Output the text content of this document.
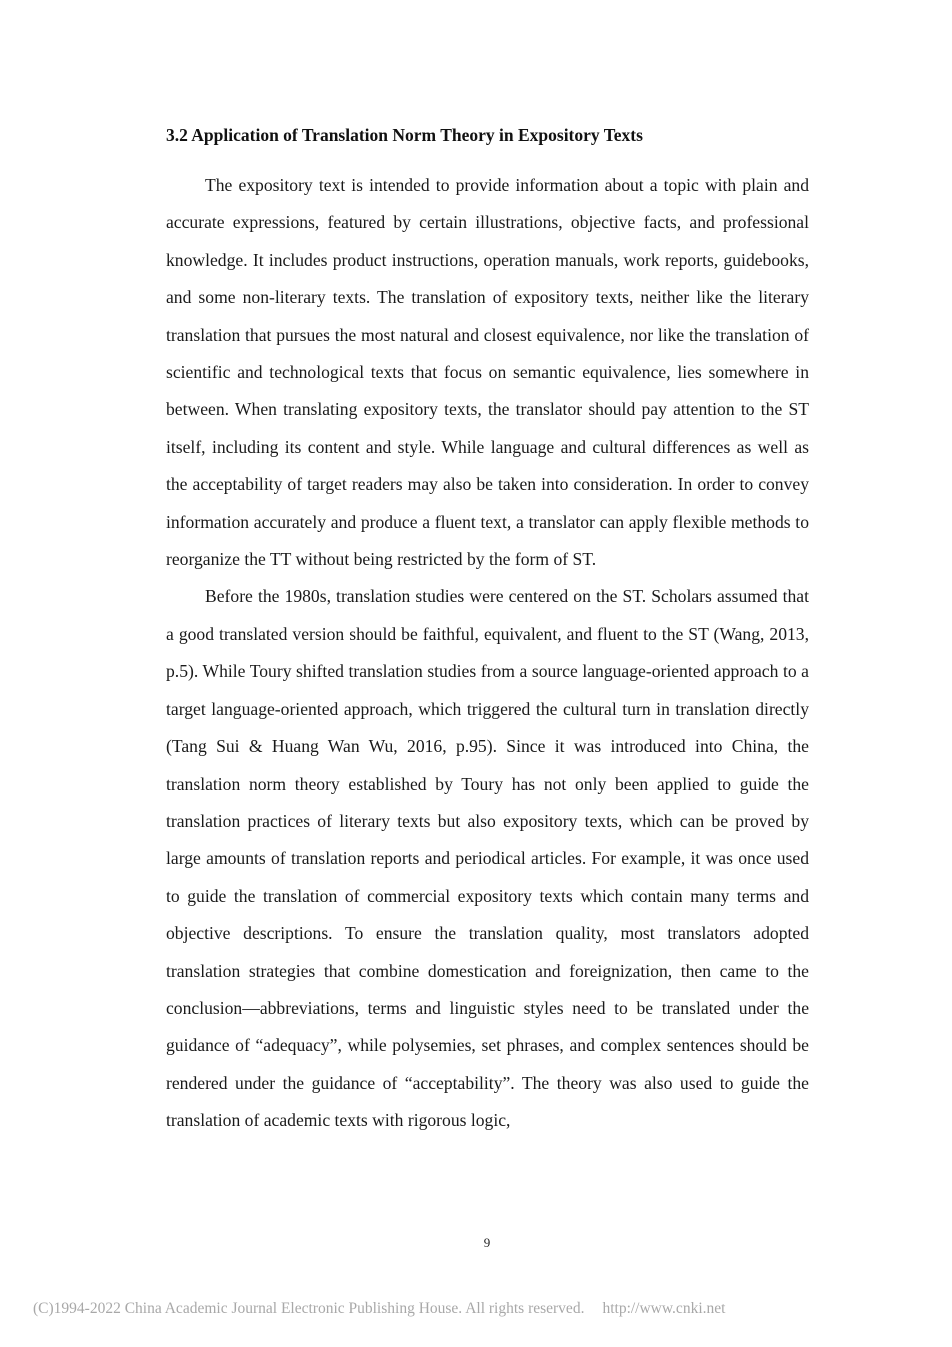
3.2 Application of Translation Norm Theory in Expository Texts

The expository text is intended to provide information about a topic with plain and accurate expressions, featured by certain illustrations, objective facts, and professional knowledge. It includes product instructions, operation manuals, work reports, guidebooks, and some non-literary texts. The translation of expository texts, neither like the literary translation that pursues the most natural and closest equivalence, nor like the translation of scientific and technological texts that focus on semantic equivalence, lies somewhere in between. When translating expository texts, the translator should pay attention to the ST itself, including its content and style. While language and cultural differences as well as the acceptability of target readers may also be taken into consideration. In order to convey information accurately and produce a fluent text, a translator can apply flexible methods to reorganize the TT without being restricted by the form of ST.

Before the 1980s, translation studies were centered on the ST. Scholars assumed that a good translated version should be faithful, equivalent, and fluent to the ST (Wang, 2013, p.5). While Toury shifted translation studies from a source language-oriented approach to a target language-oriented approach, which triggered the cultural turn in translation directly (Tang Sui & Huang Wan Wu, 2016, p.95). Since it was introduced into China, the translation norm theory established by Toury has not only been applied to guide the translation practices of literary texts but also expository texts, which can be proved by large amounts of translation reports and periodical articles. For example, it was once used to guide the translation of commercial expository texts which contain many terms and objective descriptions. To ensure the translation quality, most translators adopted translation strategies that combine domestication and foreignization, then came to the conclusion—abbreviations, terms and linguistic styles need to be translated under the guidance of “adequacy”, while polysemies, set phrases, and complex sentences should be rendered under the guidance of “acceptability”. The theory was also used to guide the translation of academic texts with rigorous logic,

9
(C)1994-2022 China Academic Journal Electronic Publishing House. All rights reserved. http://www.cnki.net
